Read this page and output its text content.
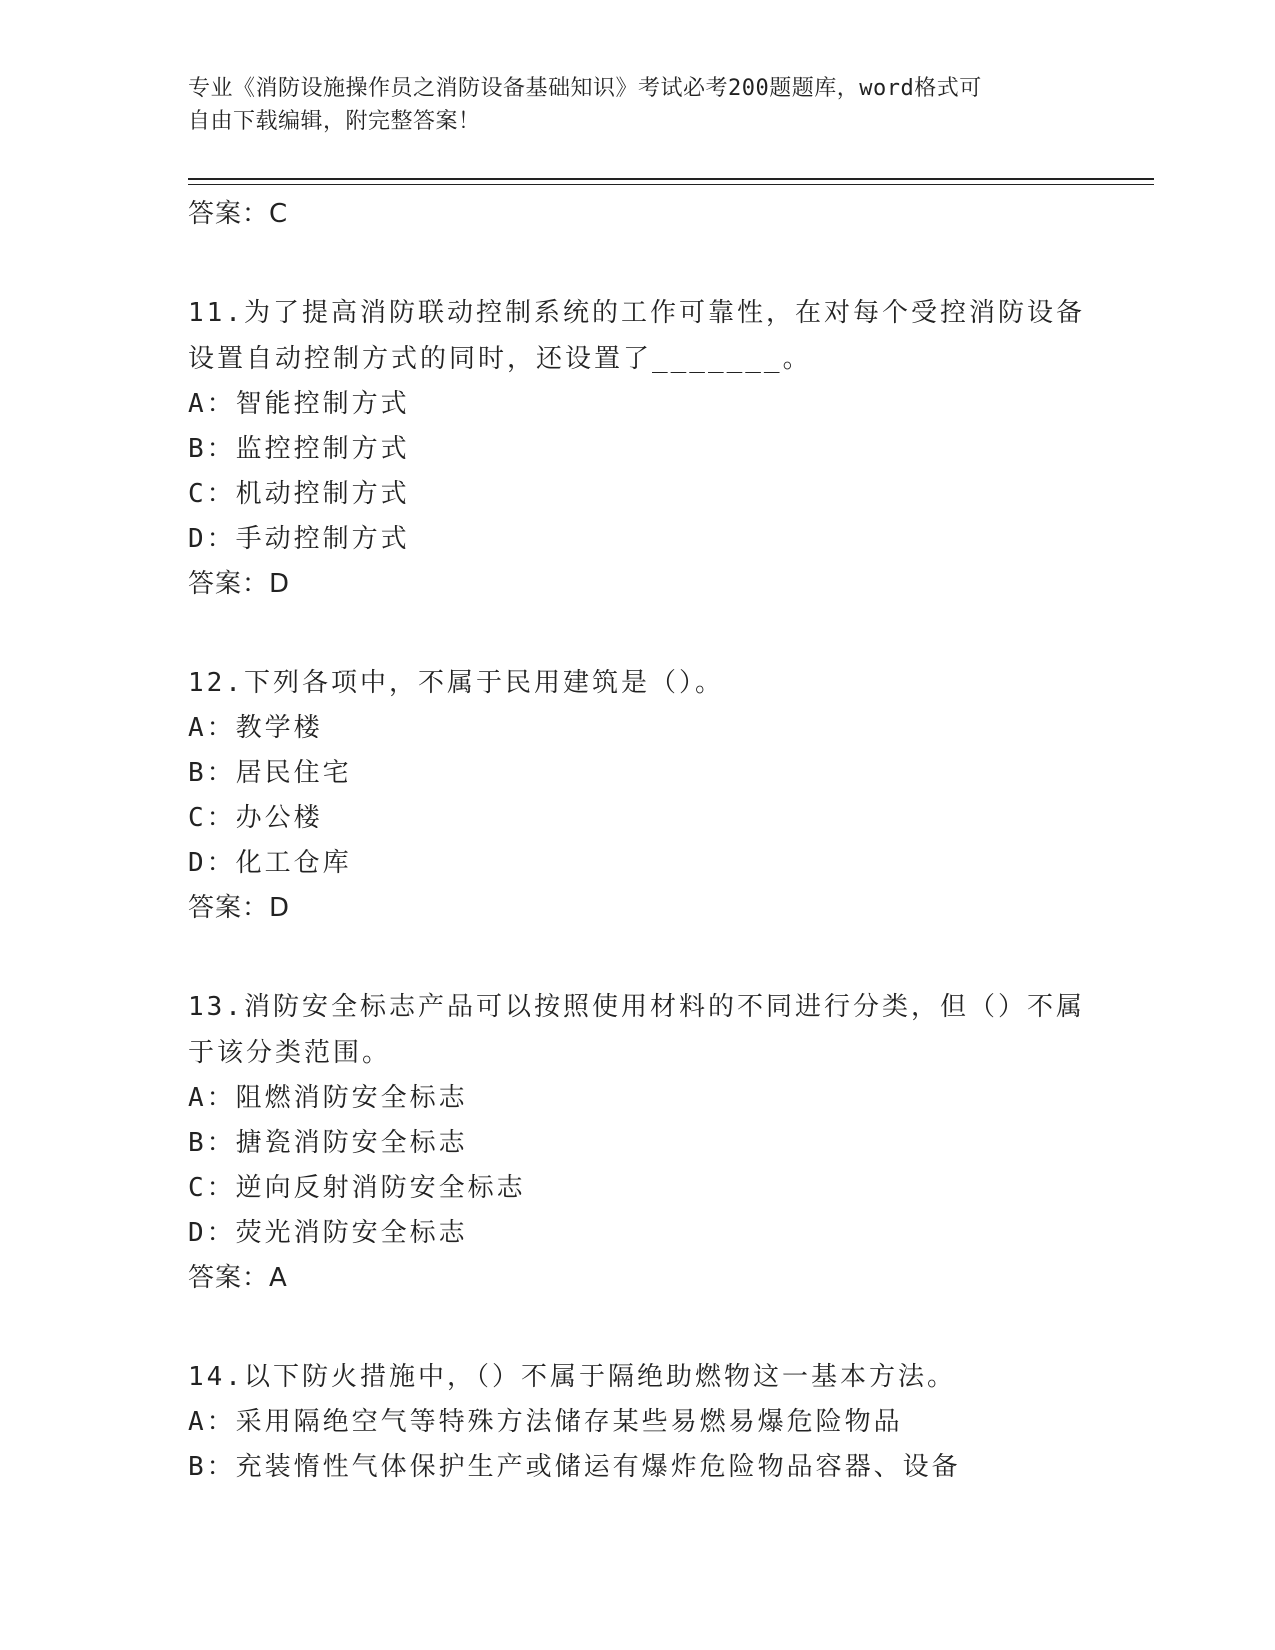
专业《消防设施操作员之消防设备基础知识》考试必考200题题库，word格式可
自由下载编辑，附完整答案！
答案：C
11.为了提高消防联动控制系统的工作可靠性，在对每个受控消防设备
设置自动控制方式的同时，还设置了_______。
A：智能控制方式
B：监控控制方式
C：机动控制方式
D：手动控制方式
答案：D
12.下列各项中，不属于民用建筑是（）。
A：教学楼
B：居民住宅
C：办公楼
D：化工仓库
答案：D
13.消防安全标志产品可以按照使用材料的不同进行分类，但（）不属
于该分类范围。
A：阻燃消防安全标志
B：搪瓷消防安全标志
C：逆向反射消防安全标志
D：荧光消防安全标志
答案：A
14.以下防火措施中，（）不属于隔绝助燃物这一基本方法。
A：采用隔绝空气等特殊方法储存某些易燃易爆危险物品
B：充装惰性气体保护生产或储运有爆炸危险物品容器、设备
